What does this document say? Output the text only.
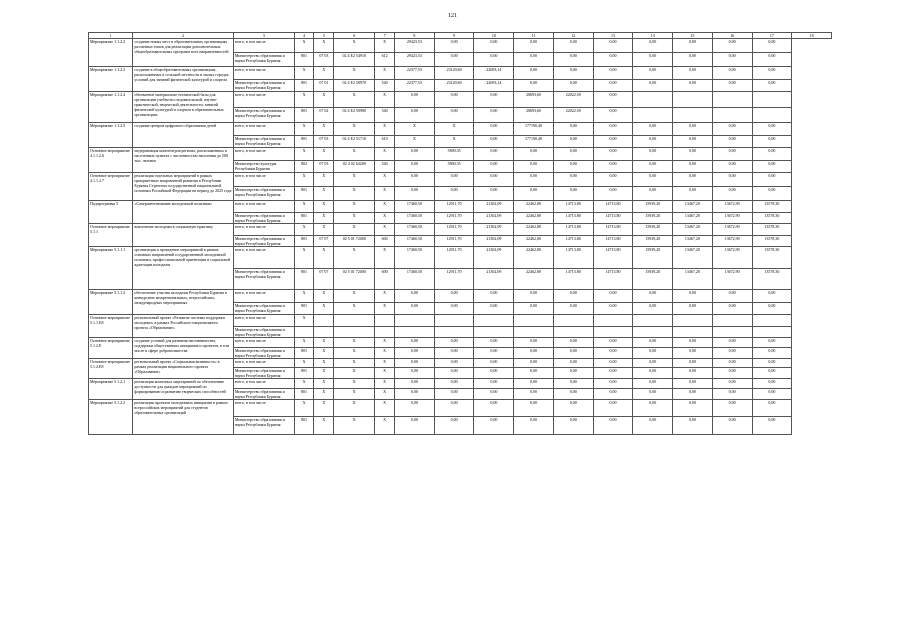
121
1	2	3	4	5	6	7	8	9	10	11	12	13	14	15	16	17	18
Мероприятие 1.1.2.2	создание новых мест в образовательных организациях различных типов для реализации дополнительных общеобразовательных программ всех направленностей	всего, в том числе	X	X	X	X	29423,53	0,00	0,00	0,00	0,00	0,00	0,00	0,00	0,00	0,00	
		Министерство образования и науки Республики Бурятия	801	07 03	02 4 E2 54910	612	29423,53	0,00	0,00	0,00	0,00	0,00	0,00	0,00	0,00	0,00	
Мероприятие 1.1.2.3	создание в общеобразовательных организациях, расположенных в сельской местности и малых городах, условий для занятий физической культурой и спортом	всего, в том числе	X	X	X	X	22377,53	23120,60	22693,14	0,00	0,00	0,00	0,00	0,00	0,00	0,00	
		Министерство образования и науки Республики Бурятия	801	07 01	02 4 E2 50970	540	22377,53	23120,60	22693,14	0,00	0,00	0,00	0,00	0,00	0,00	0,00	
Мероприятие 1.1.2.4	обновление материально-технической базы для организации учебно-исследовательской, научно-практической, творческой деятельности, занятий физической культурой и спортом в образовательных организациях	всего, в том числе	X	X	X	X	0,00	0,00	0,00	20693,60	22022,50	0,00					
		Министерство образования и науки Республики Бурятия	801	07 02	02 4 E2 50980	540	0,00	0,00	0,00	20693,60	22022,50	0,00					
Мероприятие 1.1.2.5	создание центров цифрового образования детей	всего, в том числе	X	X	X	X	X	X	0,00	177190,40	0,00	0,00	0,00	0,00	0,00	0,00	
		Министерство образования и науки Республики Бурятия	801	07 03	02 4 E2 51710	610	X	X	0,00	177190,40	0,00	0,00	0,00	0,00	0,00	0,00	
Основное мероприятие 4.1.1.2.6	модернизация кинотеатров региона, расположенных в населенных пунктах с численностью населения до 500 тыс. человек	всего, в том числе	X	X	X	X	0,00	5800,35	0,00	0,00	0,00	0,00	0,00	0,00	0,00	0,00	
		Министерство культуры Республики Бурятия	802	07 03	02 4 02 64200	540	0,00	5800,35	0,00	0,00	0,00	0,00	0,00	0,00	0,00	0,00	
Основное мероприятие 4.1.1.2.7	реализация отдельных мероприятий в рамках приоритетных направлений развития в Республике Бурятия Стратегии государственной национальной политики Российской Федерации на период до 2025 года	всего, в том числе	X	X	X	X	0,00	0,00	0,00	0,00	0,00	0,00	0,00	0,00	0,00	0,00	
		Министерство образования и науки Республики Бурятия	801	X	X	X	0,00	0,00	0,00	0,00	0,00	0,00	0,00	0,00	0,00	0,00	
Подпрограмма 5	«Совершенствование молодежной политики»	всего, в том числе	X	X	X	X	17460,50	12911,70	21302,09	22462,80	14713,80	14713,80	15939,20	13467,20	13672,90	13578,30	
		Министерство образования и науки Республики Бурятия	801	X	X	X	17460,50	12911,70	21302,09	22462,80	14713,80	14713,80	15939,20	13467,20	13672,90	13578,30	
Основное мероприятие 5.1.1	вовлечение молодежи в социальную практику	всего, в том числе	X	X	X	X	17460,50	12911,70	21302,09	22462,80	14713,80	14713,80	15939,20	13467,20	13672,90	13578,30	
		Министерство образования и науки Республики Бурятия	801	07 07	02 5 01 72000	600	17460,50	12911,70	21302,09	22462,80	14713,80	14713,80	15939,20	13467,20	13672,90	13578,30	
Мероприятие 5.1.1.1	организация и проведение мероприятий в рамках основных направлений государственной молодежной политики, профессиональной ориентации и социальной адаптации молодежи	всего, в том числе	X	X	X	X	17460,50	12911,70	21302,09	22462,80	14713,80	14713,80	15939,20	13467,20	13672,90	13578,30	
		Министерство образования и науки Республики Бурятия	801	07 07	02 5 01 72000	600	17460,50	12911,70	21302,09	22462,80	14713,80	14713,80	15939,20	13467,20	13672,90	13578,30	
Мероприятие 5.1.1.2	обеспечение участия молодежи Республики Бурятия в конкурсных межрегиональных, всероссийских, международных мероприятиях	всего, в том числе	X	X	X	X	0,00	0,00	0,00	0,00	0,00	0,00	0,00	0,00	0,00	0,00	
		Министерство образования и науки Республики Бурятия	801	X	X	X	0,00	0,00	0,00	0,00	0,00	0,00	0,00	0,00	0,00	0,00	
Основное мероприятие 5.1.1.E8	региональный проект «Развитие системы поддержки молодежи» в рамках Российского национального проекта «Образование»	всего, в том числе	X														
		Министерство образования и науки Республики Бурятия															
Основное мероприятие 5.1.2.E	создание условий для развития наставничества, поддержки общественных инициатив и проектов, в том числе в сфере добровольчества	всего, в том числе	X	X	X	X	0,00	0,00	0,00	0,00	0,00	0,00	0,00	0,00	0,00	0,00	
		Министерство образования и науки Республики Бурятия	801	X	X	X	0,00	0,00	0,00	0,00	0,00	0,00	0,00	0,00	0,00	0,00	
Основное мероприятие 5.1.2.E8	региональный проект «Социальная активность» в рамках реализации национального проекта «Образование»	всего, в том числе	X	X	X	X	0,00	0,00	0,00	0,00	0,00	0,00	0,00	0,00	0,00	0,00	
		Министерство образования и науки Республики Бурятия	801	X	X	X	0,00	0,00	0,00	0,00	0,00	0,00	0,00	0,00	0,00	0,00	
Мероприятие 5.1.2.1	реализация комплекса мероприятий по обеспечению доступности для граждан мероприятий по формированию и развитию творческих способностей	всего, в том числе	X	X	X	X	0,00	0,00	0,00	0,00	0,00	0,00	0,00	0,00	0,00	0,00	
		Министерство образования и науки Республики Бурятия	801	X	X	X	0,00	0,00	0,00	0,00	0,00	0,00	0,00	0,00	0,00	0,00	
Мероприятие 5.1.2.2	реализация проектов молодежных инициатив в рамках всероссийских мероприятий для студентов образовательных организаций	всего, в том числе	X	X	X	X	0,00	0,00	0,00	0,00	0,00	0,00	0,00	0,00	0,00	0,00	
		Министерство образования и науки Республики Бурятия	801	X	X	X	0,00	0,00	0,00	0,00	0,00	0,00	0,00	0,00	0,00	0,00	
